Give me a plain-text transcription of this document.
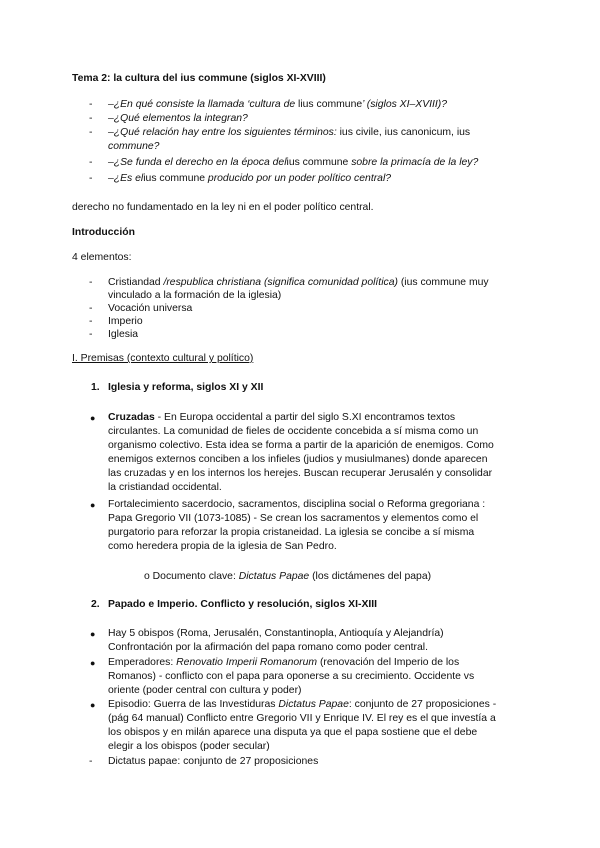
Tema 2: la cultura del ius commune (siglos XI-XVIII)
-	–¿En qué consiste la llamada ‘cultura de lius commune’ (siglos XI–XVIII)?
-	–¿Qué elementos la integran?
-	–¿Qué relación hay entre los siguientes términos: ius civile, ius canonicum, ius
commune?
-	–¿Se funda el derecho en la época delius commune sobre la primacía de la ley?
-	–¿Es elius commune producido por un poder político central?
derecho no fundamentado en la ley ni en el poder político central.
Introducción
4 elementos:
-	Cristiandad /respublica christiana (significa comunidad política) (ius commune muy
vinculado a la formación de la iglesia)
-	Vocación universa
-	Imperio
-	Iglesia
I. Premisas (contexto cultural y político)
1. Iglesia y reforma, siglos XI y XII
● Cruzadas - En Europa occidental a partir del siglo S.XI encontramos textos
circulantes. La comunidad de fieles de occidente concebida a sí misma como un
organismo colectivo. Esta idea se forma a partir de la aparición de enemigos. Como
enemigos externos conciben a los infieles (judios y musiulmanes) donde aparecen
las cruzadas y en los internos los herejes. Buscan recuperar Jerusalén y consolidar
la cristiandad occidental.
● Fortalecimiento sacerdocio, sacramentos, disciplina social o Reforma gregoriana :
Papa Gregorio VII (1073-1085) - Se crean los sacramentos y elementos como el
purgatorio para reforzar la propia cristaneidad. La iglesia se concibe a sí misma
como heredera propia de la iglesia de San Pedro.
o Documento clave: Dictatus Papae (los dictámenes del papa)
2. Papado e Imperio. Conflicto y resolución, siglos XI-XIII
● Hay 5 obispos (Roma, Jerusalén, Constantinopla, Antioquía y Alejandría)
Confrontación por la afirmación del papa romano como poder central.
● Emperadores: Renovatio Imperii Romanorum (renovación del Imperio de los
Romanos) - conflicto con el papa para oponerse a su crecimiento. Occidente vs
oriente (poder central con cultura y poder)
● Episodio: Guerra de las Investiduras Dictatus Papae: conjunto de 27 proposiciones -
(pág 64 manual) Conflicto entre Gregorio VII y Enrique IV. El rey es el que investía a
los obispos y en milán aparece una disputa ya que el papa sostiene que el debe
elegir a los obispos (poder secular)
-	Dictatus papae: conjunto de 27 proposiciones
